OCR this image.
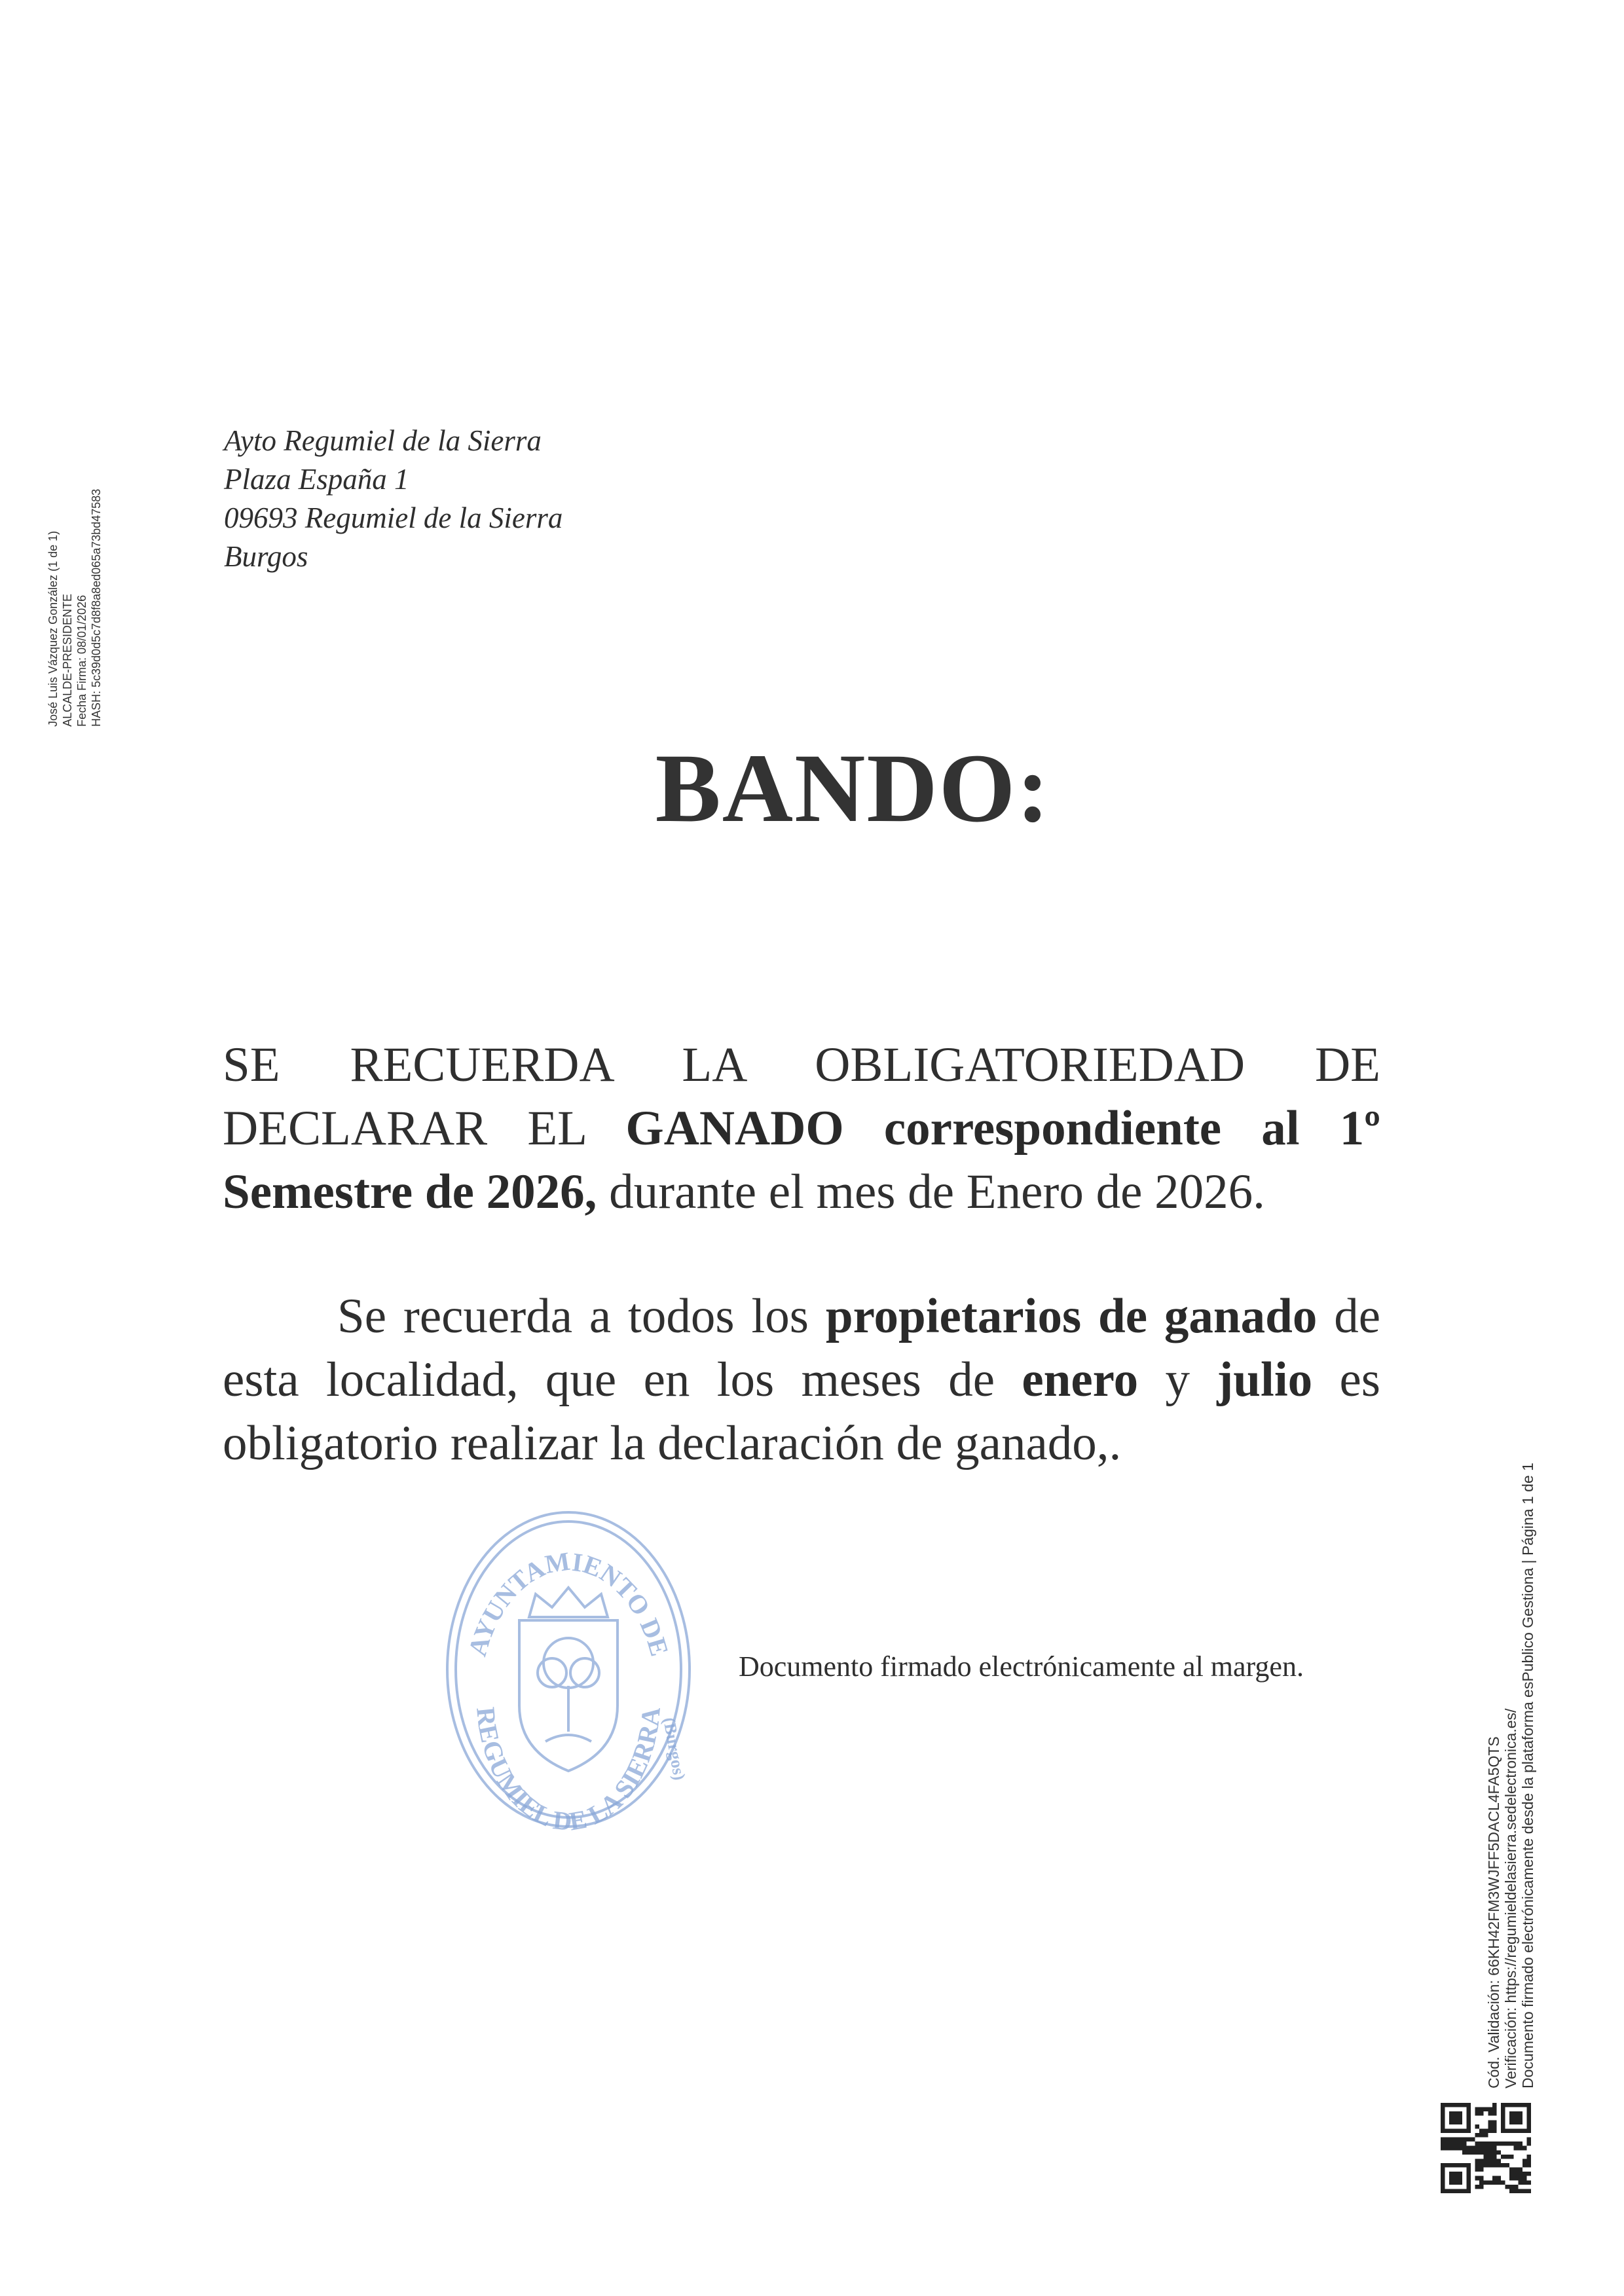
José Luis Vázquez González (1 de 1) ALCALDE-PRESIDENTE Fecha Firma: 08/01/2026 HASH: 5c39d0d5c7d8f8a8ed065a73bd47583
Ayto Regumiel de la Sierra
Plaza España 1
09693 Regumiel de la Sierra
Burgos
BANDO:
SE RECUERDA LA OBLIGATORIEDAD DE DECLARAR EL GANADO correspondiente al 1º Semestre de 2026, durante el mes de Enero de 2026.
Se recuerda a todos los propietarios de ganado de esta localidad, que en los meses de enero y julio es obligatorio realizar la declaración de ganado,.
AYUNTAMIENTO DE
REGUMIEL DE LA SIERRA
(Burgos)
Documento firmado electrónicamente al margen.
Cód. Validación: 66KH42FM3WJFF5DACL4FA5QTS Verificación: https://regumieldelasierra.sedelectronica.es/ Documento firmado electrónicamente desde la plataforma esPublico Gestiona | Página 1 de 1
